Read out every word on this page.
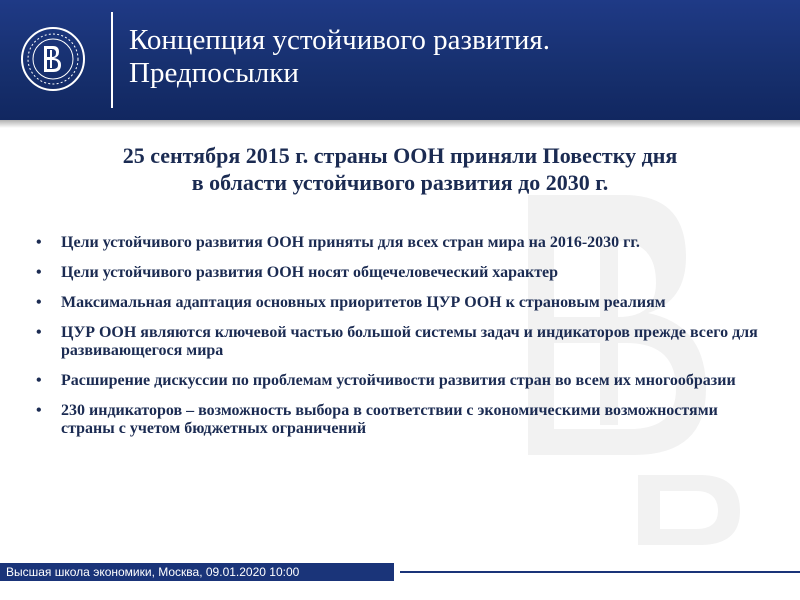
Концепция устойчивого развития.
Предпосылки
25 сентября 2015 г. страны ООН приняли Повестку дня
в области устойчивого развития до 2030 г.
• Цели устойчивого развития ООН приняты для всех стран мира на 2016-2030 гг.
• Цели устойчивого развития ООН носят общечеловеческий характер
• Максимальная адаптация основных приоритетов ЦУР ООН к страновым реалиям
• ЦУР ООН являются ключевой частью большой системы задач и индикаторов прежде всего для развивающегося мира
• Расширение дискуссии по проблемам устойчивости развития стран во всем их многообразии
• 230 индикаторов – возможность выбора в соответствии с экономическими возможностями страны с учетом бюджетных ограничений
Высшая школа экономики, Москва, 09.01.2020 10:00
